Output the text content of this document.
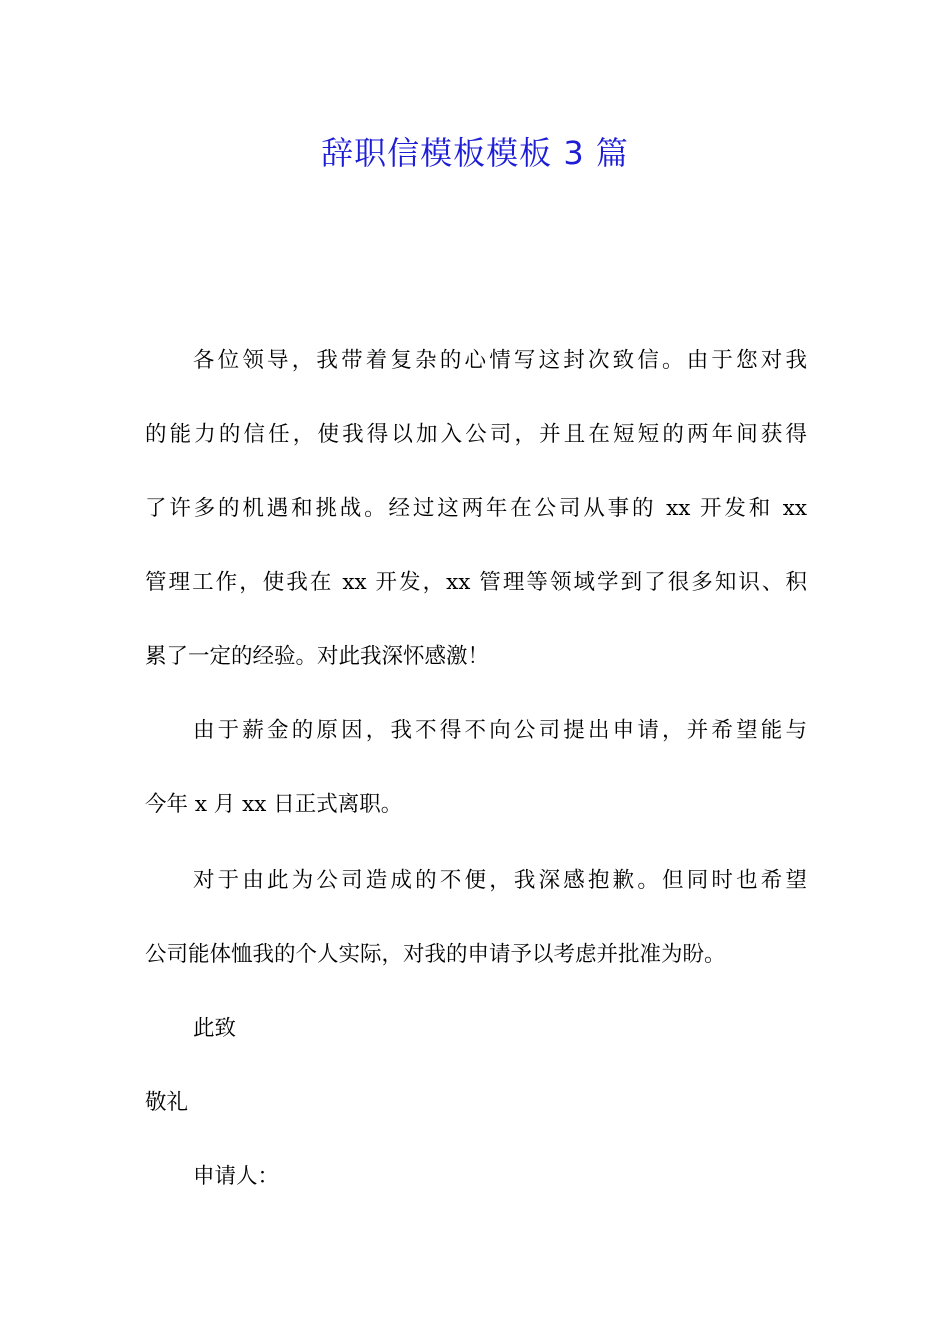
辞职信模板模板 3 篇
各位领导，我带着复杂的心情写这封次致信。由于您对我
的能力的信任，使我得以加入公司，并且在短短的两年间获得
了许多的机遇和挑战。经过这两年在公司从事的 xx 开发和 xx
管理工作，使我在 xx 开发，xx 管理等领域学到了很多知识、积
累了一定的经验。对此我深怀感激！
由于薪金的原因，我不得不向公司提出申请，并希望能与
今年 x 月 xx 日正式离职。
对于由此为公司造成的不便，我深感抱歉。但同时也希望
公司能体恤我的个人实际，对我的申请予以考虑并批准为盼。
此致
敬礼
申请人：
